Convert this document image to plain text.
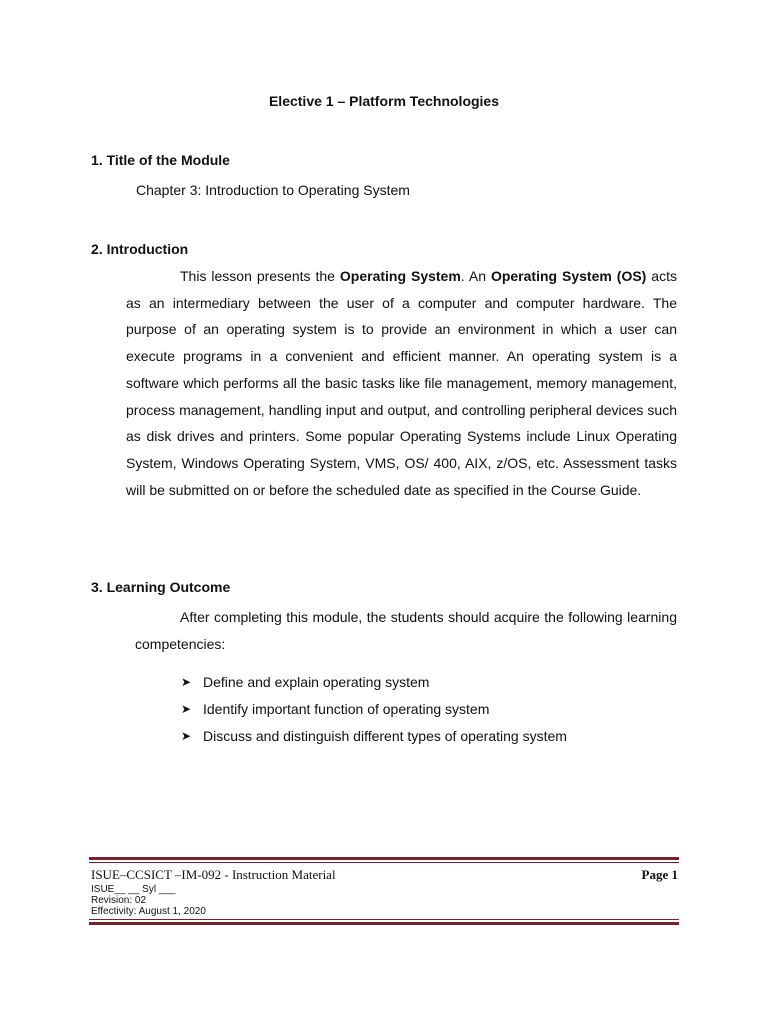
Elective 1 – Platform Technologies
1. Title of the Module
Chapter 3: Introduction to Operating System
2. Introduction

This lesson presents the Operating System. An Operating System (OS) acts as an intermediary between the user of a computer and computer hardware. The purpose of an operating system is to provide an environment in which a user can execute programs in a convenient and efficient manner. An operating system is a software which performs all the basic tasks like file management, memory management, process management, handling input and output, and controlling peripheral devices such as disk drives and printers. Some popular Operating Systems include Linux Operating System, Windows Operating System, VMS, OS/ 400, AIX, z/OS, etc. Assessment tasks will be submitted on or before the scheduled date as specified in the Course Guide.

3. Learning Outcome

After completing this module, the students should acquire the following learning competencies:

➤ Define and explain operating system
➤ Identify important function of operating system
➤ Discuss and distinguish different types of operating system
ISUE–CCSICT –IM-092 - Instruction Material	Page 1
ISUE__ __ Syl ___
Revision: 02
Effectivity: August 1, 2020
